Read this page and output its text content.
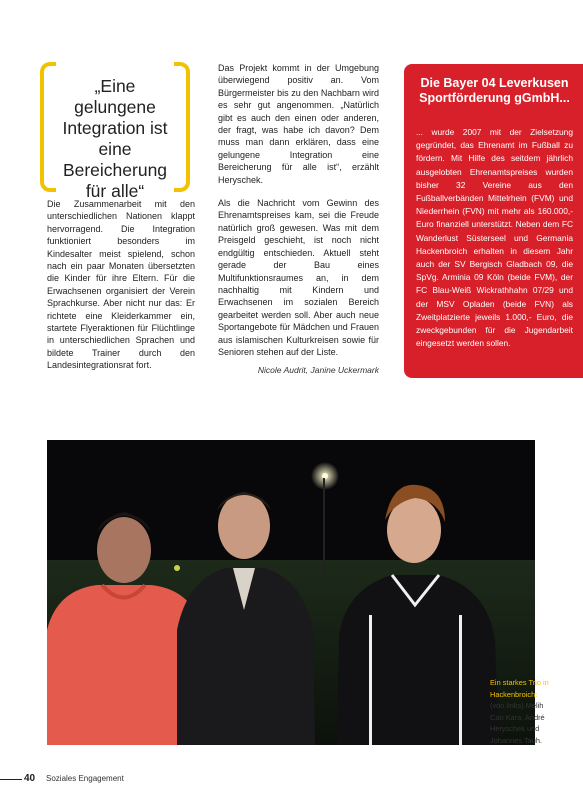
„Eine gelungene Integration ist eine Bereicherung für alle“

Die Zusammenarbeit mit den unterschiedlichen Nationen klappt hervorragend. Die Integration funktioniert besonders im Kindesalter meist spielend, schon nach ein paar Monaten übersetzten die Kinder für ihre Eltern. Für die Erwachsenen organisiert der Verein Sprachkurse. Aber nicht nur das: Er richtete eine Kleiderkammer ein, startete Flyeraktionen für Flüchtlinge in unterschiedlichen Sprachen und bildete Trainer durch den Landesintegrationsrat fort.

Das Projekt kommt in der Umgebung überwiegend positiv an. Vom Bürgermeister bis zu den Nachbarn wird es sehr gut angenommen. „Natürlich gibt es auch den einen oder anderen, der fragt, was habe ich davon? Dem muss man dann erklären, dass eine gelungene Integration eine Bereicherung für alle ist“, erzählt Heryschek.

Als die Nachricht vom Gewinn des Ehrenamtspreises kam, sei die Freude natürlich groß gewesen. Was mit dem Preisgeld geschieht, ist noch nicht endgültig entschieden. Aktuell steht gerade der Bau eines Multifunktionsraumes an, in dem nachhaltig mit Kindern und Erwachsenen im sozialen Bereich gearbeitet werden soll. Aber auch neue Sportangebote für Mädchen und Frauen aus islamischen Kulturkreisen sowie für Senioren stehen auf der Liste.

Nicole Audrit, Janine Uckermark
Die Bayer 04 Leverkusen Sportförderung gGmbH...
... wurde 2007 mit der Zielsetzung gegründet, das Ehrenamt im Fußball zu fördern. Mit Hilfe des seitdem jährlich ausgelobten Ehrenamtspreises wurden bisher 32 Vereine aus den Fußballverbänden Mittelrhein (FVM) und Niederrhein (FVN) mit mehr als 160.000,- Euro finanziell unterstützt. Neben dem FC Wanderlust Süsterseel und Germania Hackenbroich erhalten in diesem Jahr auch der SV Bergisch Gladbach 09, die SpVg. Arminia 09 Köln (beide FVM), der FC Blau-Weiß Wickrathhahn 07/29 und der MSV Opladen (beide FVN) als Zweitplatzierte jeweils 1.000,- Euro, die zweckgebunden für die Jugendarbeit eingesetzt werden sollen.
Ein starkes Trio in Hackenbroich: (von links) Melih Can Kara, André Heryschek und Johannes Tauh.
40 Soziales Engagement
